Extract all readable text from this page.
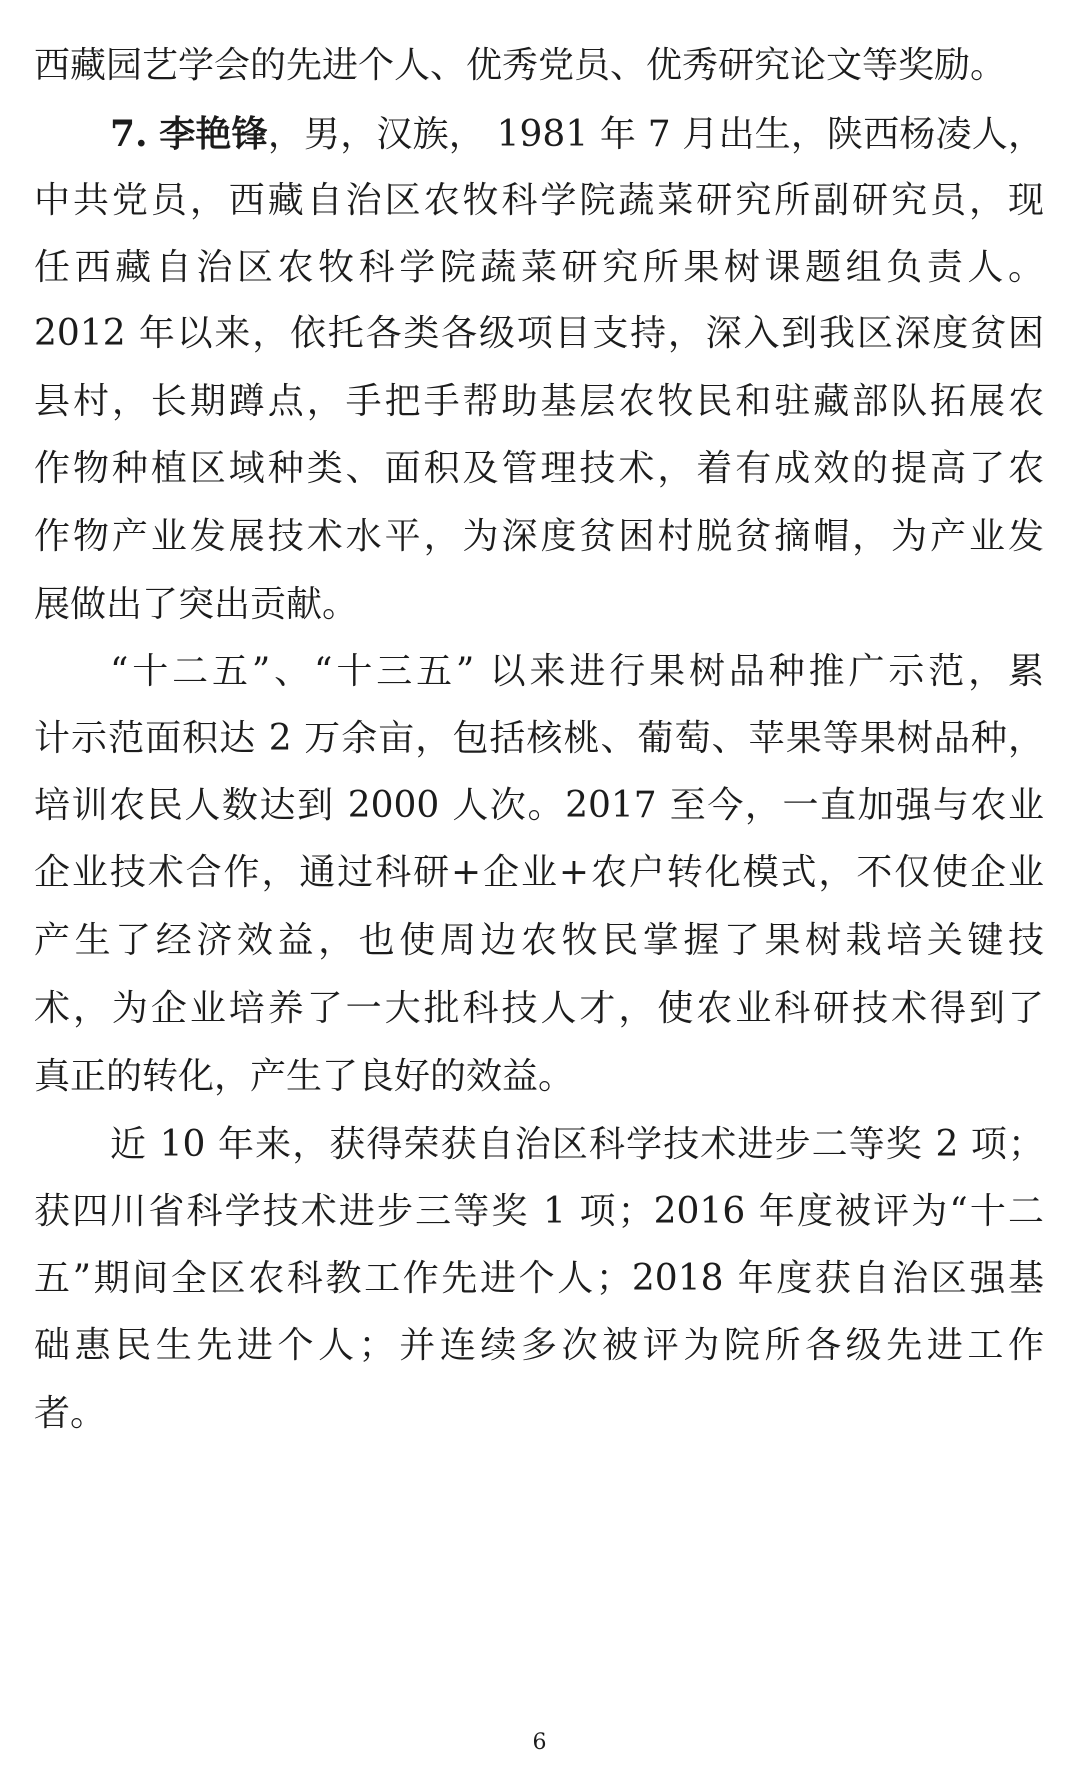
西藏园艺学会的先进个人、优秀党员、优秀研究论文等奖励。
7. 李艳锋，男，汉族， 1981 年 7 月出生，陕西杨凌人，
中共党员，西藏自治区农牧科学院蔬菜研究所副研究员，现
任西藏自治区农牧科学院蔬菜研究所果树课题组负责人。
2012 年以来，依托各类各级项目支持，深入到我区深度贫困
县村，长期蹲点，手把手帮助基层农牧民和驻藏部队拓展农
作物种植区域种类、面积及管理技术，着有成效的提高了农
作物产业发展技术水平，为深度贫困村脱贫摘帽，为产业发
展做出了突出贡献。
“十二五”、“十三五” 以来进行果树品种推广示范，累
计示范面积达 2 万余亩，包括核桃、葡萄、苹果等果树品种，
培训农民人数达到 2000 人次。2017 至今，一直加强与农业
企业技术合作，通过科研+企业+农户转化模式，不仅使企业
产生了经济效益，也使周边农牧民掌握了果树栽培关键技
术，为企业培养了一大批科技人才，使农业科研技术得到了
真正的转化，产生了良好的效益。
近 10 年来，获得荣获自治区科学技术进步二等奖 2 项；
获四川省科学技术进步三等奖 1 项；2016 年度被评为“十二
五”期间全区农科教工作先进个人；2018 年度获自治区强基
础惠民生先进个人；并连续多次被评为院所各级先进工作
者。
6
